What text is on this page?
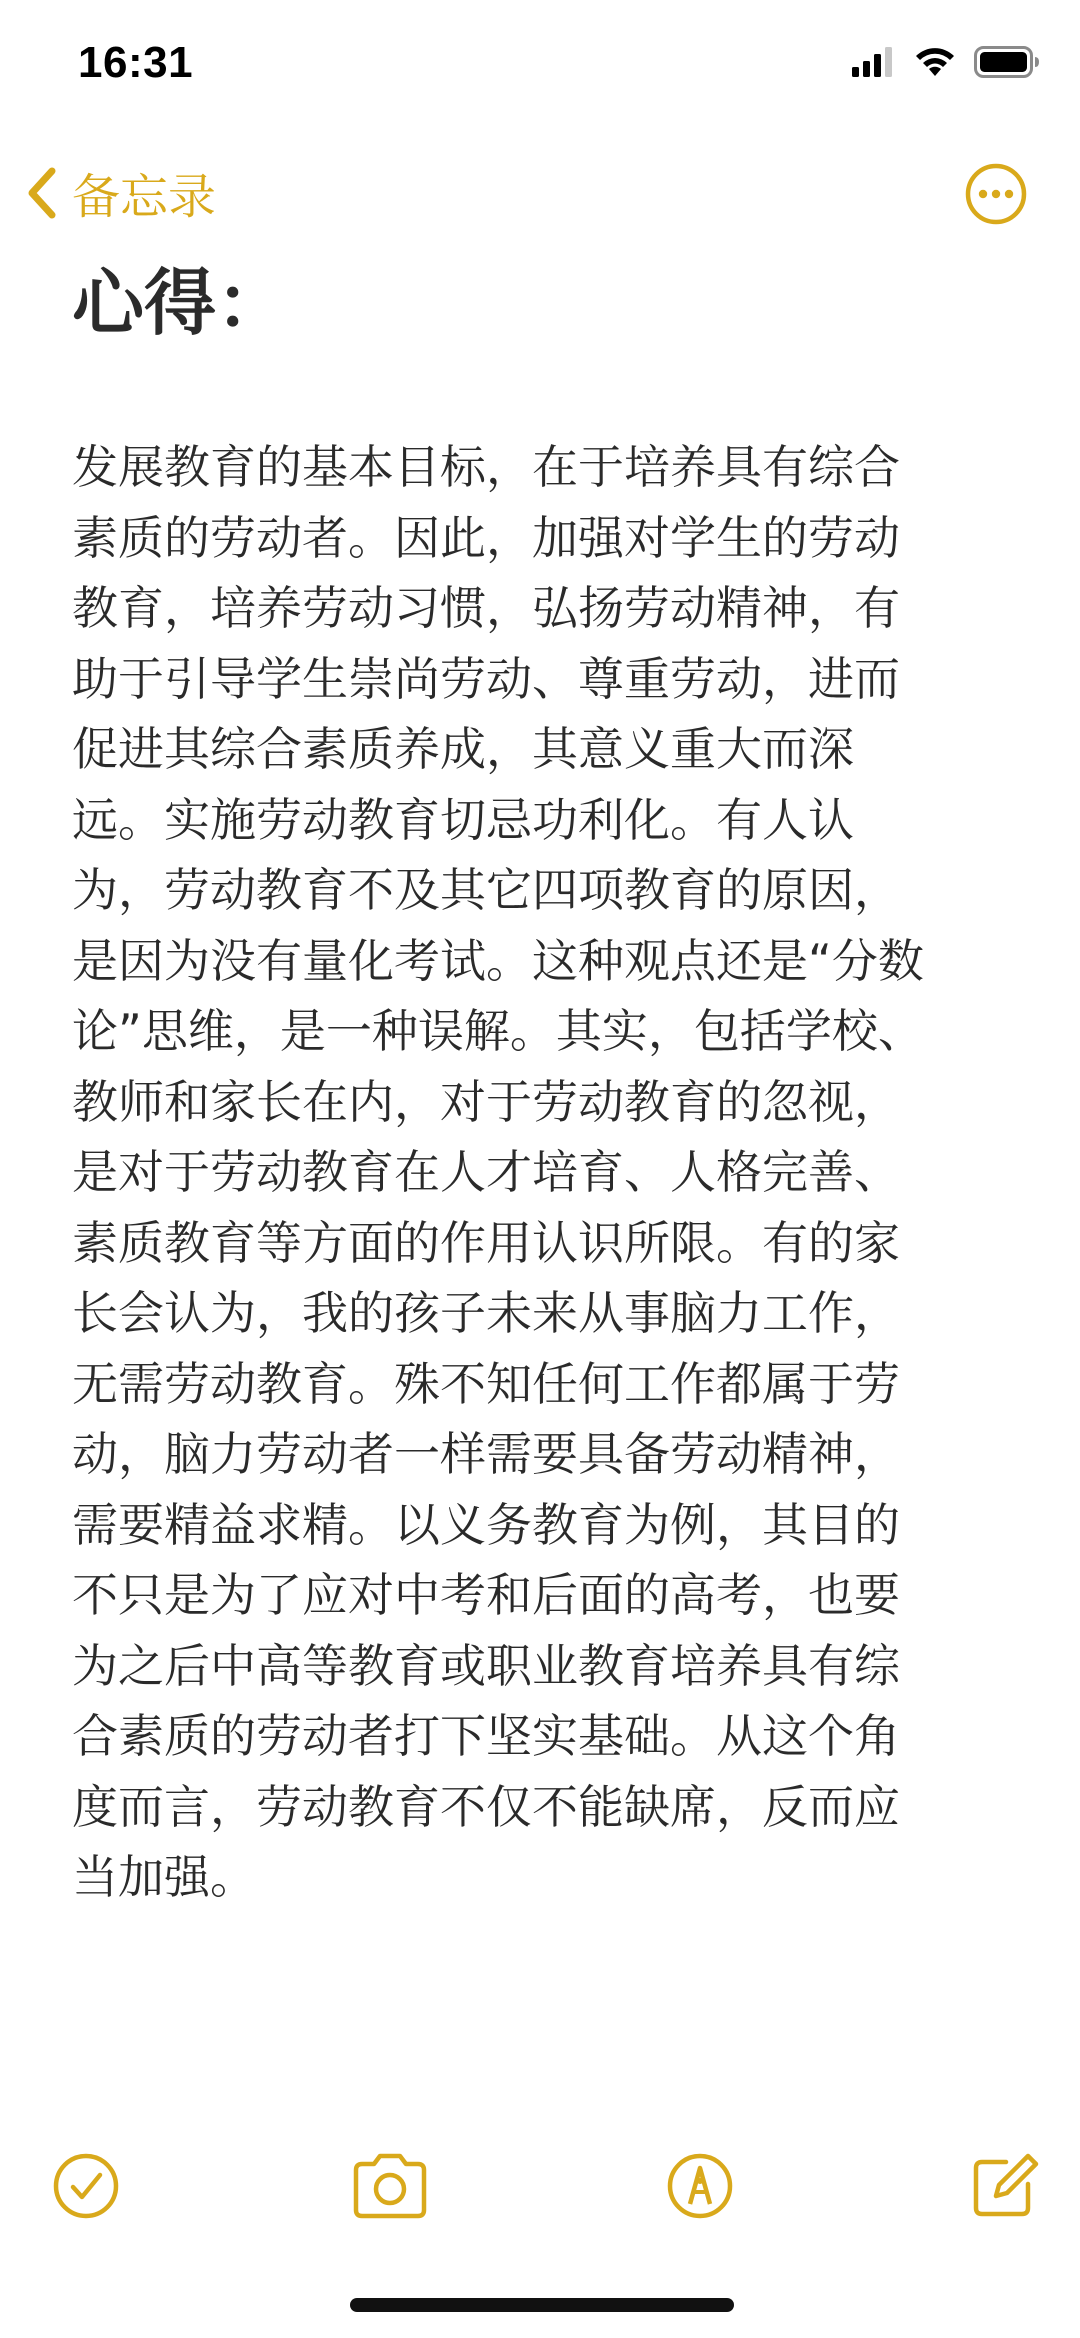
16:31
备忘录
心得：
发展教育的基本目标，在于培养具有综合
素质的劳动者。因此，加强对学生的劳动
教育，培养劳动习惯，弘扬劳动精神，有
助于引导学生崇尚劳动、尊重劳动，进而
促进其综合素质养成，其意义重大而深
远。实施劳动教育切忌功利化。有人认
为，劳动教育不及其它四项教育的原因，
是因为没有量化考试。这种观点还是“分数
论”思维，是一种误解。其实，包括学校、
教师和家长在内，对于劳动教育的忽视，
是对于劳动教育在人才培育、人格完善、
素质教育等方面的作用认识所限。有的家
长会认为，我的孩子未来从事脑力工作，
无需劳动教育。殊不知任何工作都属于劳
动，脑力劳动者一样需要具备劳动精神，
需要精益求精。以义务教育为例，其目的
不只是为了应对中考和后面的高考，也要
为之后中高等教育或职业教育培养具有综
合素质的劳动者打下坚实基础。从这个角
度而言，劳动教育不仅不能缺席，反而应
当加强。
